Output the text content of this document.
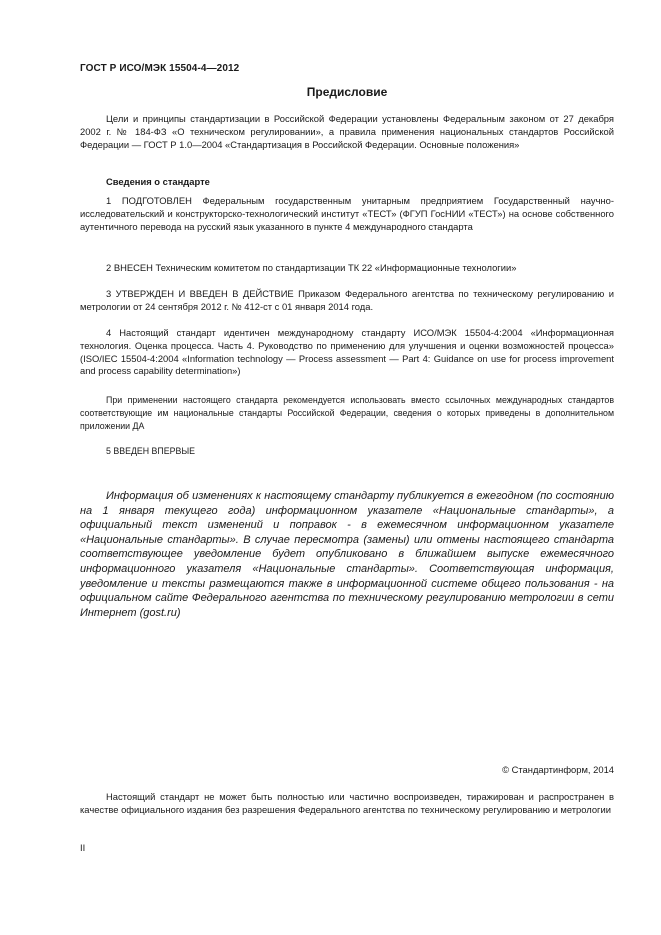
ГОСТ Р ИСО/МЭК 15504-4—2012
Предисловие

Цели и принципы стандартизации в Российской Федерации установлены Федеральным законом от 27 декабря 2002 г. № 184-ФЗ «О техническом регулировании», а правила применения национальных стандартов Российской Федерации — ГОСТ Р 1.0—2004 «Стандартизация в Российской Федерации. Основные положения»

Сведения о стандарте

1 ПОДГОТОВЛЕН Федеральным государственным унитарным предприятием Государственный научно-исследовательский и конструкторско-технологический институт «ТЕСТ» (ФГУП ГосНИИ «ТЕСТ») на основе собственного аутентичного перевода на русский язык указанного в пункте 4 международного стандарта

2 ВНЕСЕН Техническим комитетом по стандартизации ТК 22 «Информационные технологии»

3 УТВЕРЖДЕН И ВВЕДЕН В ДЕЙСТВИЕ Приказом Федерального агентства по техническому регулированию и метрологии от 24 сентября 2012 г. № 412-ст с 01 января 2014 года.

4 Настоящий стандарт идентичен международному стандарту ИСО/МЭК 15504-4:2004 «Информационная технология. Оценка процесса. Часть 4. Руководство по применению для улучшения и оценки возможностей процесса» (ISO/IEC 15504-4:2004 «Information technology — Process assessment — Part 4: Guidance on use for process improvement and process capability determination»)

При применении настоящего стандарта рекомендуется использовать вместо ссылочных международных стандартов соответствующие им национальные стандарты Российской Федерации, сведения о которых приведены в дополнительном приложении ДА

5 ВВЕДЕН ВПЕРВЫЕ

Информация об изменениях к настоящему стандарту публикуется в ежегодном (по состоянию на 1 января текущего года) информационном указателе «Национальные стандарты», а официальный текст изменений и поправок - в ежемесячном информационном указателе «Национальные стандарты». В случае пересмотра (замены) или отмены настоящего стандарта соответствующее уведомление будет опубликовано в ближайшем выпуске ежемесячного информационного указателя «Национальные стандарты». Соответствующая информация, уведомление и тексты размещаются также в информационной системе общего пользования - на официальном сайте Федерального агентства по техническому регулированию метрологии в сети Интернет (gost.ru)

© Стандартинформ, 2014

Настоящий стандарт не может быть полностью или частично воспроизведен, тиражирован и распространен в качестве официального издания без разрешения Федерального агентства по техническому регулированию и метрологии

II
